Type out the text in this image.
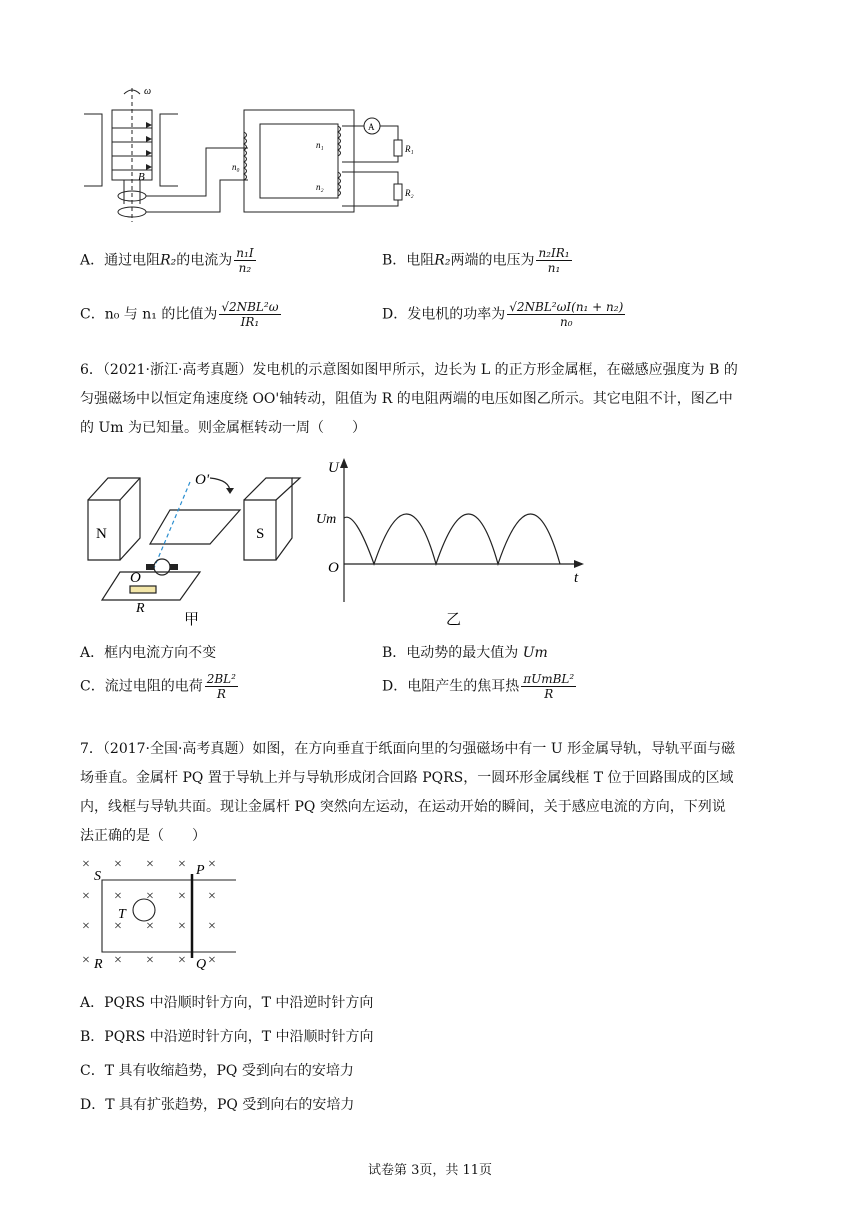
ω
B
n₀
n₁
n₂
A
R₁
R₂
A．通过电阻R₂的电流为 $\frac{\text{n₁I}}{\text{n₂}}$	B．电阻R₂两端的电压为 $\frac{\text{n₂IR₁}}{\text{n₁}}$
C．n₀ 与 n₁ 的比值为 $\frac{\text{√2NBL²ω}}{\text{IR₁}}$	D．发电机的功率为 $\frac{\text{√2NBL²ωI(n₁ + n₂)}}{\text{n₀}}$
6．（2021·浙江·高考真题）发电机的示意图如图甲所示，边长为 L 的正方形金属框，在磁感应强度为 B 的
匀强磁场中以恒定角速度绕 OO'轴转动，阻值为 R 的电阻两端的电压如图乙所示。其它电阻不计，图乙中
的 Um 为已知量。则金属框转动一周（　　）
N	S
O'
O
R
甲
U
Um
O
t
乙
A．框内电流方向不变	B．电动势的最大值为 Um
C．流过电阻的电荷 $\frac{\text{2BL²}}{R}$	D．电阻产生的焦耳热 $\frac{\text{πUmBL²}}{R}$
7．（2017·全国·高考真题）如图，在方向垂直于纸面向里的匀强磁场中有一 U 形金属导轨，导轨平面与磁
场垂直。金属杆 PQ 置于导轨上并与导轨形成闭合回路 PQRS，一圆环形金属线框 T 位于回路围成的区域
内，线框与导轨共面。现让金属杆 PQ 突然向左运动，在运动开始的瞬间，关于感应电流的方向，下列说
法正确的是（　　）
× × × × ×
× × × × ×
× × × × ×
× × × × ×
S	P
R	Q
T
A．PQRS 中沿顺时针方向，T 中沿逆时针方向
B．PQRS 中沿逆时针方向，T 中沿顺时针方向
C．T 具有收缩趋势，PQ 受到向右的安培力
D．T 具有扩张趋势，PQ 受到向右的安培力
试卷第 3页，共 11页
